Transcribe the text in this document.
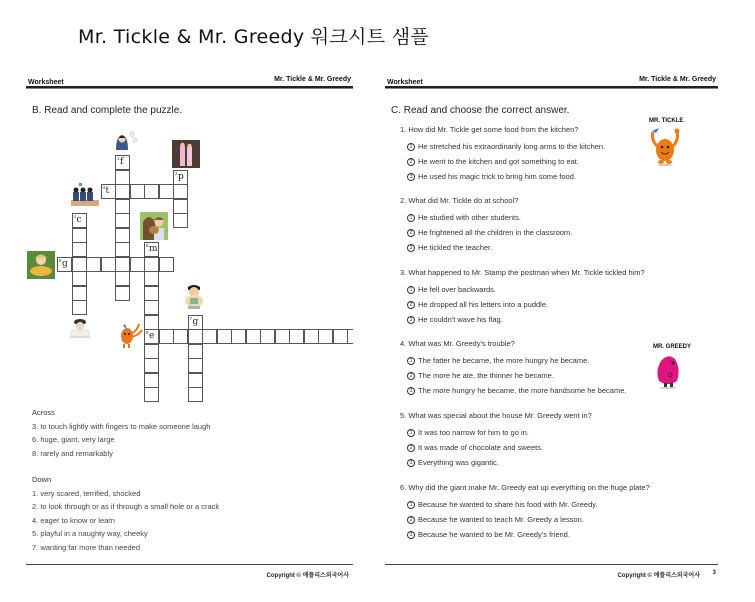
Mr. Tickle & Mr. Greedy 워크시트 샘플
Worksheet	Mr. Tickle & Mr. Greedy
B. Read and complete the puzzle.
1 f
2 p
3 t
4 c
5 m
8 e
6 g
7 g
Across
3. to touch lightly with fingers to make someone laugh
6. huge, giant, very large
8. rarely and remarkably
Down
1. very scared, terrified, shocked
2. to look through or as if through a small hole or a crack
4. eager to know or learn
5. playful in a naughty way, cheeky
7. wanting far more than needed
Copyright © 애플리스외국어사
Worksheet	Mr. Tickle & Mr. Greedy
C. Read and choose the correct answer.
1. How did Mr. Tickle get some food from the kitchen?
1 He stretched his extraordinarily long arms to the kitchen.
2 He went to the kitchen and got something to eat.
3 He used his magic trick to bring him some food.
2. What did Mr. Tickle do at school?
1 He studied with other students.
2 He frightened all the children in the classroom.
3 He tickled the teacher.
3. What happened to Mr. Stamp the postman when Mr. Tickle tickled him?
1 He fell over backwards.
2 He dropped all his letters into a puddle.
3 He couldn't wave his flag.
4. What was Mr. Greedy's trouble?
1 The fatter he became, the more hungry he became.
2 The more he ate, the thinner he became.
3 The more hungry he became, the more handsome he became.
5. What was special about the house Mr. Greedy went in?
1 It was too narrow for him to go in.
2 It was made of chocolate and sweets.
3 Everything was gigantic.
6. Why did the giant make Mr. Greedy eat up everything on the huge plate?
1 Because he wanted to share his food with Mr. Greedy.
2 Because he wanted to teach Mr. Greedy a lesson.
3 Because he wanted to be Mr. Greedy's friend.
MR. TICKLE
MR. GREEDY
Copyright © 애플리스외국어사 3
